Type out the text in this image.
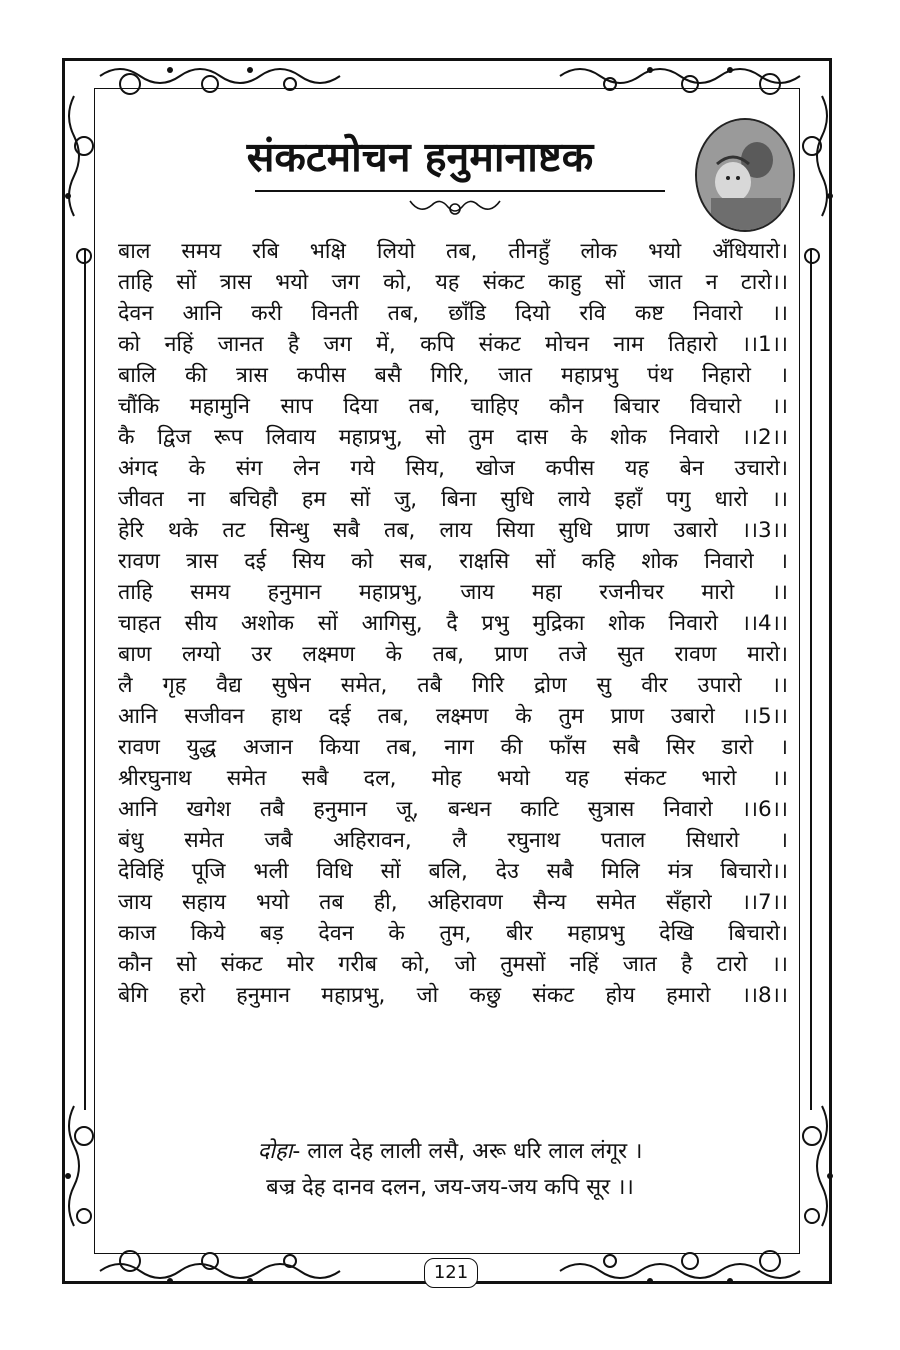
संकटमोचन हनुमानाष्टक
बाल समय रबि भक्षि लियो तब, तीनहुँ लोक भयो अँधियारो।
ताहि सों त्रास भयो जग को, यह संकट काहु सों जात न टारो।।
देवन आनि करी विनती तब, छाँडि दियो रवि कष्ट निवारो ।।
को नहिं जानत है जग में, कपि संकट मोचन नाम तिहारो ।।1।।
बालि की त्रास कपीस बसै गिरि, जात महाप्रभु पंथ निहारो ।
चौंकि महामुनि साप दिया तब, चाहिए कौन बिचार विचारो ।।
कै द्विज रूप लिवाय महाप्रभु, सो तुम दास के शोक निवारो ।।2।।
अंगद के संग लेन गये सिय, खोज कपीस यह बेन उचारो।
जीवत ना बचिहौ हम सों जु, बिना सुधि लाये इहाँ पगु धारो ।।
हेरि थके तट सिन्धु सबै तब, लाय सिया सुधि प्राण उबारो ।।3।।
रावण त्रास दई सिय को सब, राक्षसि सों कहि शोक निवारो ।
ताहि समय हनुमान महाप्रभु, जाय महा रजनीचर मारो ।।
चाहत सीय अशोक सों आगिसु, दै प्रभु मुद्रिका शोक निवारो ।।4।।
बाण लग्यो उर लक्ष्मण के तब, प्राण तजे सुत रावण मारो।
लै गृह वैद्य सुषेन समेत, तबै गिरि द्रोण सु वीर उपारो ।।
आनि सजीवन हाथ दई तब, लक्ष्मण के तुम प्राण उबारो ।।5।।
रावण युद्ध अजान किया तब, नाग की फाँस सबै सिर डारो ।
श्रीरघुनाथ समेत सबै दल, मोह भयो यह संकट भारो ।।
आनि खगेश तबै हनुमान जू, बन्धन काटि सुत्रास निवारो ।।6।।
बंधु समेत जबै अहिरावन, लै रघुनाथ पताल सिधारो ।
देविहिं पूजि भली विधि सों बलि, देउ सबै मिलि मंत्र बिचारो।।
जाय सहाय भयो तब ही, अहिरावण सैन्य समेत सँहारो ।।7।।
काज किये बड़ देवन के तुम, बीर महाप्रभु देखि बिचारो।
कौन सो संकट मोर गरीब को, जो तुमसों नहिं जात है टारो ।।
बेगि हरो हनुमान महाप्रभु, जो कछु संकट होय हमारो ।।8।।
दोहा- लाल देह लाली लसै, अरू धरि लाल लंगूर ।
बज्र देह दानव दलन, जय-जय-जय कपि सूर ।।
121
